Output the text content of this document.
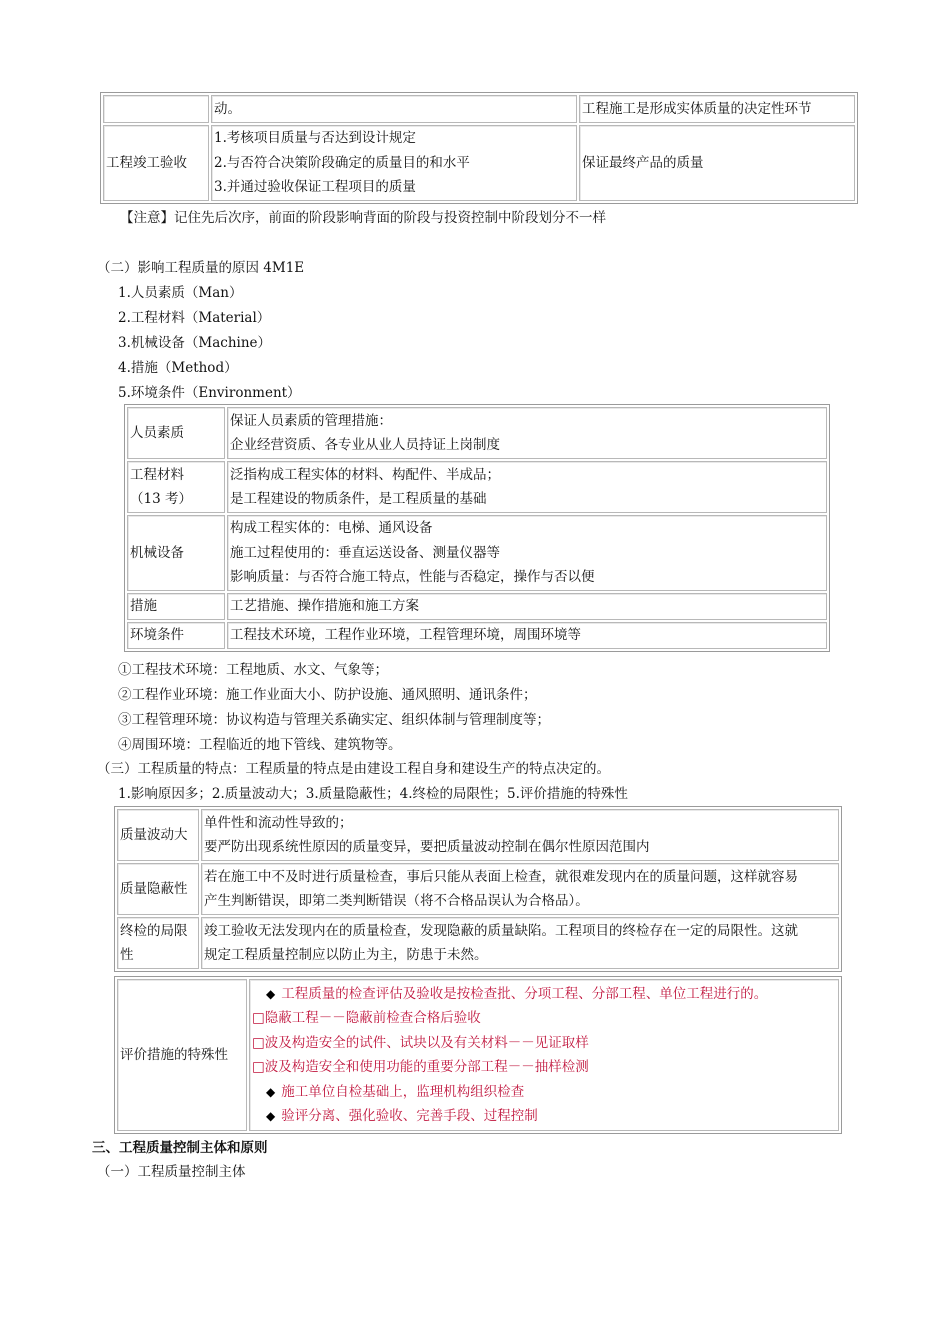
	动。	工程施工是形成实体质量的决定性环节

工程竣工验收	1.考核项目质量与否达到设计规定
2.与否符合决策阶段确定的质量目的和水平
3.并通过验收保证工程项目的质量	保证最终产品的质量
【注意】记住先后次序，前面的阶段影响背面的阶段与投资控制中阶段划分不一样
（二）影响工程质量的原因 4M1E
1.人员素质（Man）
2.工程材料（Material）
3.机械设备（Machine）
4.措施（Method）
5.环境条件（Environment）
人员素质	保证人员素质的管理措施：
企业经营资质、各专业从业人员持证上岗制度

工程材料
（13 考）	泛指构成工程实体的材料、构配件、半成品；
是工程建设的物质条件，是工程质量的基础

机械设备	构成工程实体的：电梯、通风设备
施工过程使用的：垂直运送设备、测量仪器等
影响质量：与否符合施工特点，性能与否稳定，操作与否以便

措施	工艺措施、操作措施和施工方案

环境条件	工程技术环境，工程作业环境，工程管理环境，周围环境等
①工程技术环境：工程地质、水文、气象等；
②工程作业环境：施工作业面大小、防护设施、通风照明、通讯条件；
③工程管理环境：协议构造与管理关系确实定、组织体制与管理制度等；
④周围环境：工程临近的地下管线、建筑物等。
（三）工程质量的特点：工程质量的特点是由建设工程自身和建设生产的特点决定的。
1.影响原因多；2.质量波动大；3.质量隐蔽性；4.终检的局限性；5.评价措施的特殊性
质量波动大	单件性和流动性导致的；
要严防出现系统性原因的质量变异，要把质量波动控制在偶尔性原因范围内

质量隐蔽性	若在施工中不及时进行质量检查，事后只能从表面上检查，就很难发现内在的质量问题，这样就容易
产生判断错误，即第二类判断错误（将不合格品误认为合格品）。

终检的局限
性	竣工验收无法发现内在的质量检查，发现隐蔽的质量缺陷。工程项目的终检存在一定的局限性。这就
规定工程质量控制应以防止为主，防患于未然。
评价措施的特殊性

◆ 工程质量的检查评估及验收是按检查批、分项工程、分部工程、单位工程进行的。
□隐蔽工程－－隐蔽前检查合格后验收
□波及构造安全的试件、试块以及有关材料－－见证取样
□波及构造安全和使用功能的重要分部工程－－抽样检测
◆ 施工单位自检基础上，监理机构组织检查
◆ 验评分离、强化验收、完善手段、过程控制
三、工程质量控制主体和原则
（一）工程质量控制主体
